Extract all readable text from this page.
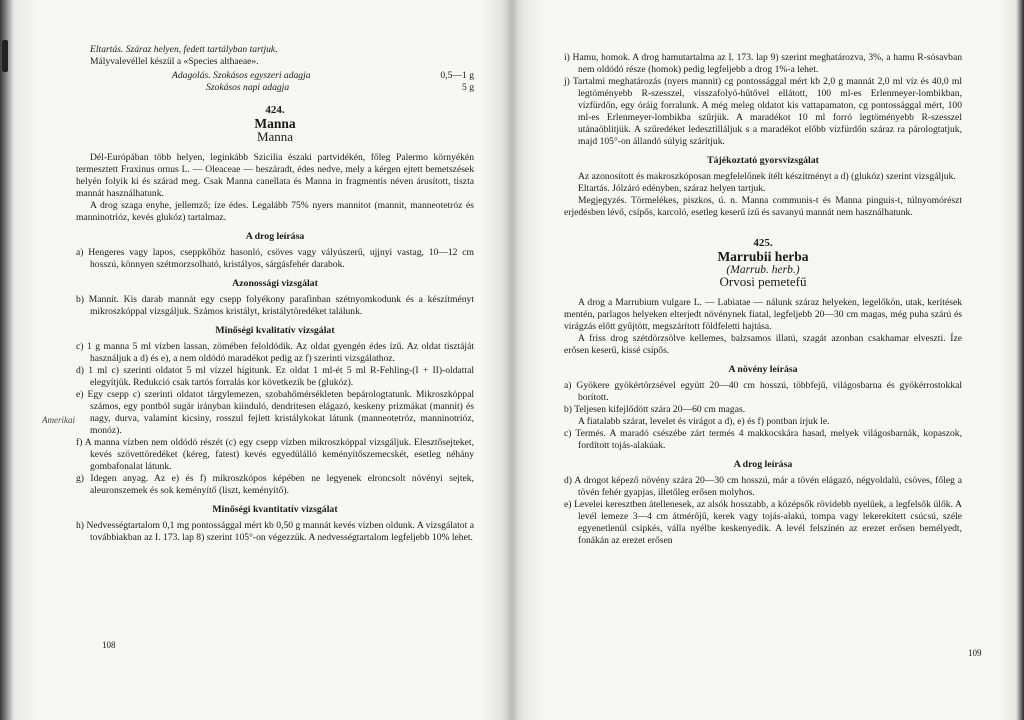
Eltartás. Száraz helyen, fedett tartályban tartjuk.

Mályvalevéllel készül a «Species althaeae».

Adagolás. Szokásos egyszeri adagja	0,5—1 g
Szokásos napi adagja	5 g

424.

Manna

Manna

Dél-Európában több helyen, leginkább Szicilia északi partvidékén, főleg Palermo környékén termesztett Fraxinus ornus L. — Oleaceae — beszáradt, édes nedve, mely a kérgen ejtett bemetszések helyén folyik ki és szárad meg. Csak Manna canellata és Manna in fragmentis néven árusított, tiszta mannát használhatunk.

A drog szaga enyhe, jellemző; íze édes. Legalább 75% nyers mannitot (mannit, manneotetróz és manninotrióz, kevés glukóz) tartalmaz.

A drog leírása

a) Hengeres vagy lapos, cseppkőhöz hasonló, csöves vagy vályúszerű, ujjnyi vastag, 10—12 cm hosszú, könnyen szétmorzsolható, kristályos, sárgásfehér darabok.

Azonossági vizsgálat

b) Mannit. Kis darab mannát egy csepp folyékony parafinban szétnyomkodunk és a készítményt mikroszkóppal vizsgáljuk. Számos kristályt, kristálytöredéket találunk.

Minőségi kvalitatív vizsgálat

c) 1 g manna 5 ml vízben lassan, zömében feloldódik. Az oldat gyengén édes ízű. Az oldat tisztáját használjuk a d) és e), a nem oldódó maradékot pedig az f) szerinti vizsgálathoz.

d) 1 ml c) szerinti oldatot 5 ml vízzel hígitunk. Ez oldat 1 ml-ét 5 ml R-Fehling-(I + II)-oldattal elegyítjük. Redukció csak tartós forralás kor következik be (glukóz).

e) Egy csepp c) szerinti oldatot tárgylemezen, szobahőmérsékleten bepárologtatunk. Mikroszkóppal számos, egy pontból sugár irányban kiinduló, dendritesen elágazó, keskeny prizmákat (mannit) és nagy, durva, valamint kicsiny, rosszul fejlett kristálykokat látunk (manneotetróz, manninotrióz, monóz).

f) A manna vízben nem oldódó részét (c) egy csepp vízben mikroszkóppal vizsgáljuk. Elesztősejteket, kevés szövettöredéket (kéreg, fatest) kevés egyedülálló keményítőszemecskét, esetleg néhány gombafonalat látunk.

g) Idegen anyag. Az e) és f) mikroszkópos képében ne legyenek elroncsolt növényi sejtek, aleuronszemek és sok keményítő (liszt, keményítő).

Minőségi kvantitatív vizsgálat

h) Nedvességtartalom 0,1 mg pontossággal mért kb 0,50 g mannát kevés vízben oldunk. A vizsgálatot a továbbiakban az I. 173. lap 8) szerint 105°-on végezzük. A nedvességtartalom legfeljebb 10% lehet.

Amerikai
108

i) Hamu, homok. A drog hamutartalma az I. 173. lap 9) szerint meghatározva, 3%, a hamu R-sósavban nem oldódó része (homok) pedig legfeljebb a drog 1%-a lehet.

j) Tartalmi meghatározás (nyers mannit) cg pontossággal mért kb 2,0 g mannát 2,0 ml víz és 40,0 ml legtöményebb R-szesszel, visszafolyó-hűtővel ellátott, 100 ml-es Erlenmeyer-lombikban, vízfürdőn, egy óráig forralunk. A még meleg oldatot kis vattapamaton, cg pontossággal mért, 100 ml-es Erlenmeyer-lombikba szűrjük. A maradékot 10 ml forró legtöményebb R-szesszel utánaöblítjük. A szűredéket ledesztilláljuk s a maradékot előbb vízfürdőn száraz ra párologtatjuk, majd 105°-on állandó súlyig szárítjuk.

Tájékoztató gyorsvizsgálat

Az azonosított és makroszkóposan megfelelőnek ítélt készítményt a d) (glukóz) szerint vizsgáljuk.

Eltartás. Jólzáró edényben, száraz helyen tartjuk.

Megjegyzés. Törmelékes, piszkos, ú. n. Manna communis-t és Manna pinguis-t, túlnyomórészt erjedésben lévő, csípős, karcoló, esetleg keserű ízű és savanyú mannát nem használhatunk.

425.

Marrubii herba

(Marrub. herb.)

Orvosi pemetefű

A drog a Marrubium vulgare L. — Labiatae — nálunk száraz helyeken, legelőkön, utak, kerítések mentén, parlagos helyeken elterjedt növénynek fiatal, legfeljebb 20—30 cm magas, még puha szárú és virágzás előtt gyűjtött, megszárított földfeletti hajtása.

A friss drog szétdörzsölve kellemes, balzsamos illatú, szagát azonban csakhamar elveszti. Íze erősen keserű, kissé csípős.

A növény leírása

a) Gyökere gyökértörzsével együtt 20—40 cm hosszú, többfejű, világosbarna és gyökérrostokkal borított.

b) Teljesen kifejlődött szára 20—60 cm magas.

A fiatalabb szárat, levelet és virágot a d), e) és f) pontban írjuk le.

c) Termés. A maradó csészébe zárt termés 4 makkocskára hasad, melyek világosbarnák, kopaszok, fordított tojás-alakúak.

A drog leírása

d) A drogot képező növény szára 20—30 cm hosszú, már a tövén elágazó, négyoldalú, csöves, főleg a tövén fehér gyapjas, illetőleg erősen molyhos.

e) Levelei keresztben átellenesek, az alsók hosszabb, a középsők rövidebb nyelűek, a legfelsők ülők. A levél lemeze 3—4 cm átmérőjű, kerek vagy tojás-alakú, tompa vagy lekerekített csúcsú, széle egyenetlenül csipkés, válla nyélbe keskenyedik. A levél felszínén az erezet erősen bemélyedt, fonákán az erezet erősen

109
